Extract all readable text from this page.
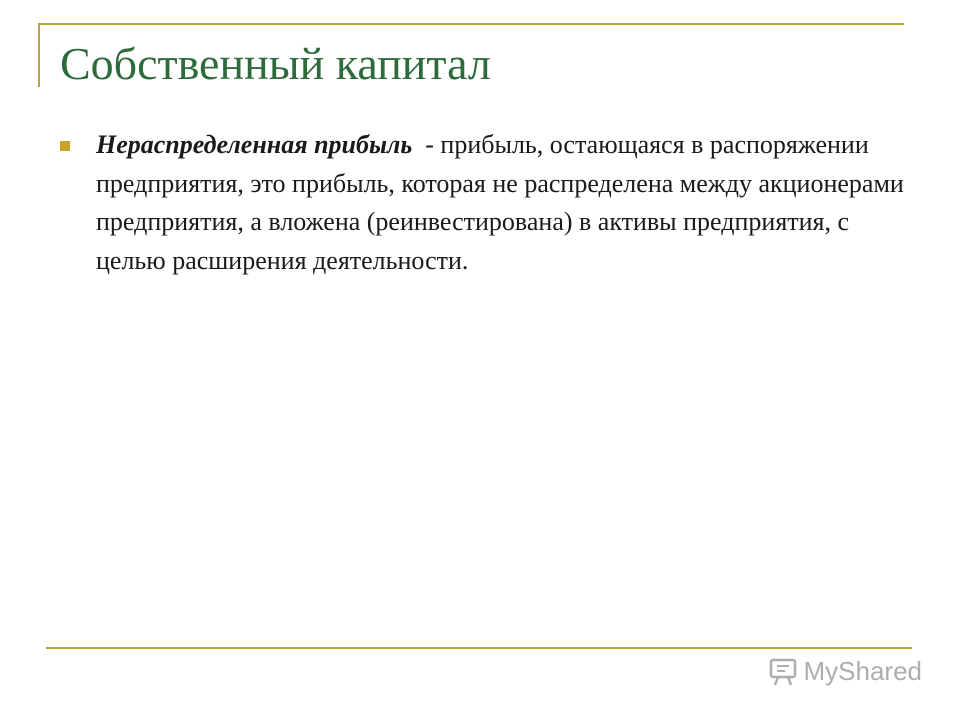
Собственный капитал
Нераспределенная прибыль  - прибыль, остающаяся в распоряжении предприятия, это прибыль, которая не распределена между акционерами предприятия, а вложена (реинвестирована) в активы предприятия, с целью расширения деятельности.
MyShared
